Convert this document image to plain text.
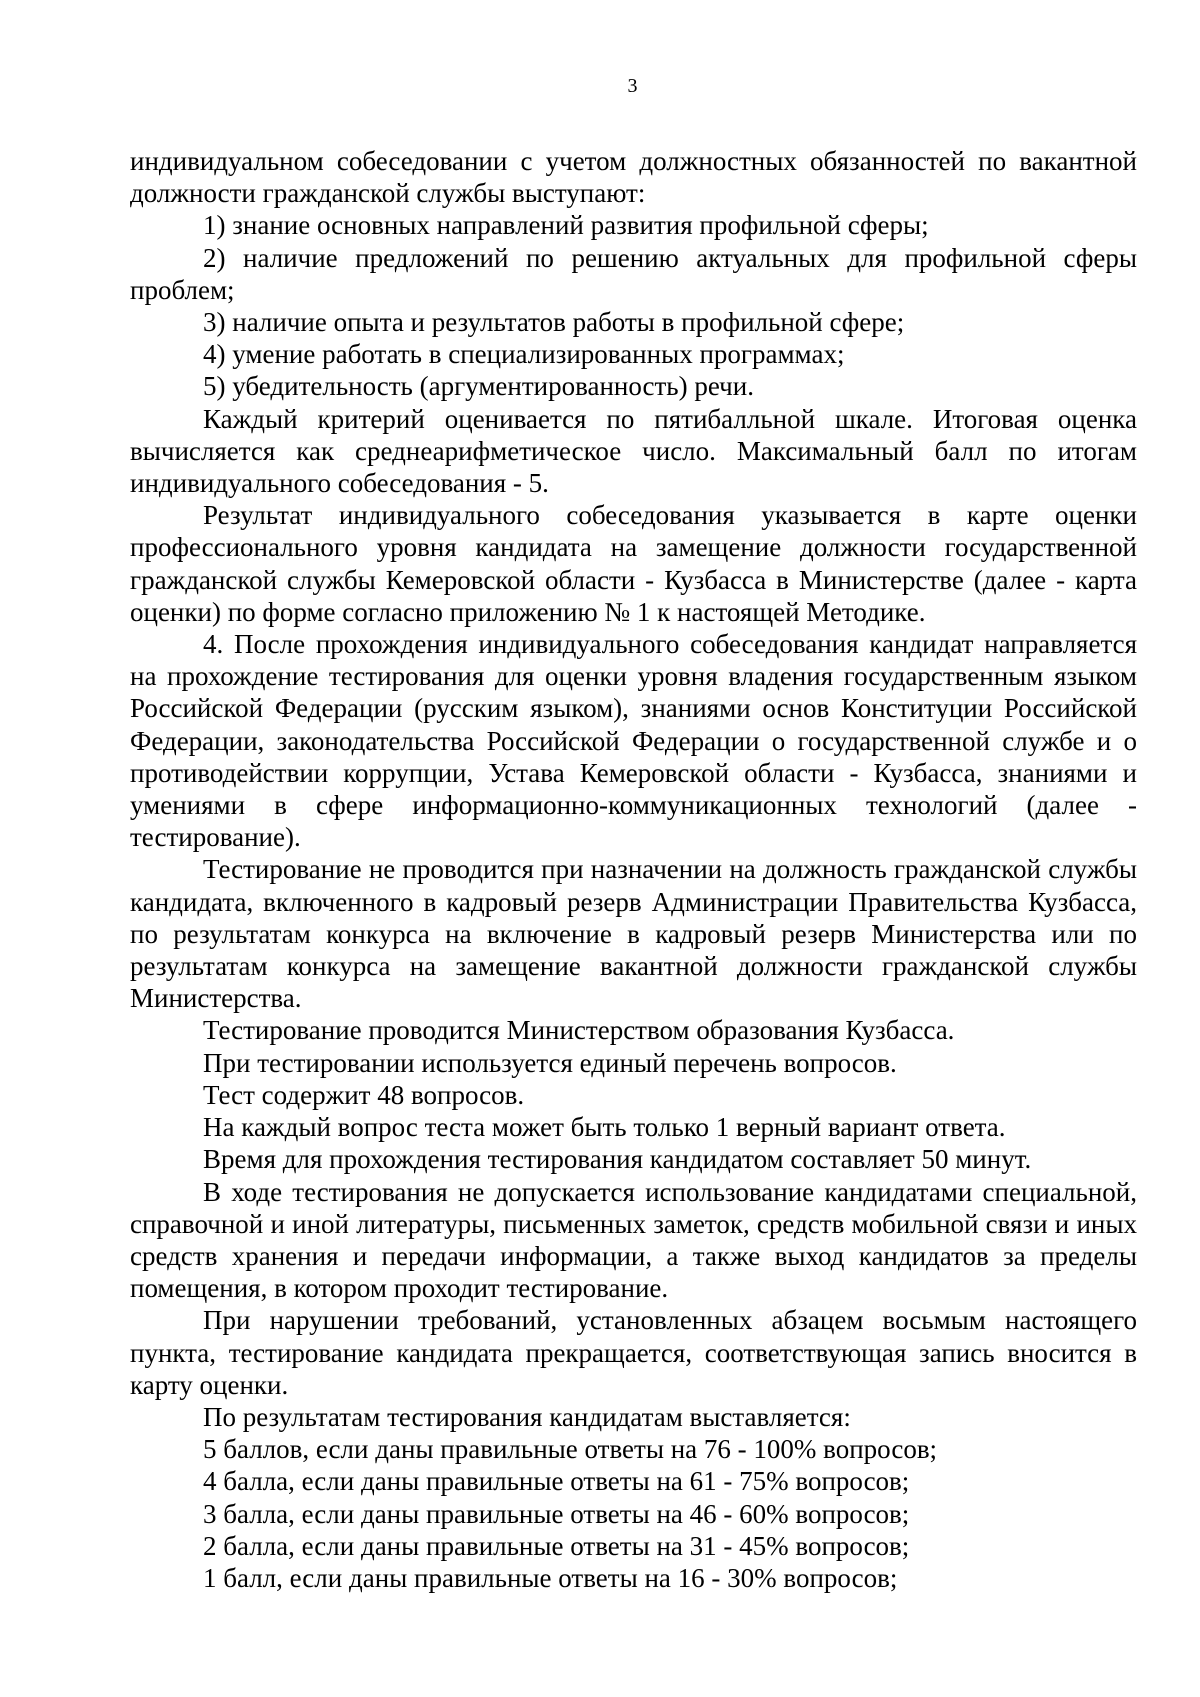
3

индивидуальном собеседовании с учетом должностных обязанностей по вакантной должности гражданской службы выступают:

1) знание основных направлений развития профильной сферы;

2) наличие предложений по решению актуальных для профильной сферы проблем;

3) наличие опыта и результатов работы в профильной сфере;

4) умение работать в специализированных программах;

5) убедительность (аргументированность) речи.

Каждый критерий оценивается по пятибалльной шкале. Итоговая оценка вычисляется как среднеарифметическое число. Максимальный балл по итогам индивидуального собеседования - 5.

Результат индивидуального собеседования указывается в карте оценки профессионального уровня кандидата на замещение должности государственной гражданской службы Кемеровской области - Кузбасса в Министерстве (далее - карта оценки) по форме согласно приложению № 1 к настоящей Методике.

4. После прохождения индивидуального собеседования кандидат направляется на прохождение тестирования для оценки уровня владения государственным языком Российской Федерации (русским языком), знаниями основ Конституции Российской Федерации, законодательства Российской Федерации о государственной службе и о противодействии коррупции, Устава Кемеровской области - Кузбасса, знаниями и умениями в сфере информационно-коммуникационных технологий (далее - тестирование).

Тестирование не проводится при назначении на должность гражданской службы кандидата, включенного в кадровый резерв Администрации Правительства Кузбасса, по результатам конкурса на включение в кадровый резерв Министерства или по результатам конкурса на замещение вакантной должности гражданской службы Министерства.

Тестирование проводится Министерством образования Кузбасса.

При тестировании используется единый перечень вопросов.

Тест содержит 48 вопросов.

На каждый вопрос теста может быть только 1 верный вариант ответа.

Время для прохождения тестирования кандидатом составляет 50 минут.

В ходе тестирования не допускается использование кандидатами специальной, справочной и иной литературы, письменных заметок, средств мобильной связи и иных средств хранения и передачи информации, а также выход кандидатов за пределы помещения, в котором проходит тестирование.

При нарушении требований, установленных абзацем восьмым настоящего пункта, тестирование кандидата прекращается, соответствующая запись вносится в карту оценки.

По результатам тестирования кандидатам выставляется:

5 баллов, если даны правильные ответы на 76 - 100% вопросов;

4 балла, если даны правильные ответы на 61 - 75% вопросов;

3 балла, если даны правильные ответы на 46 - 60% вопросов;

2 балла, если даны правильные ответы на 31 - 45% вопросов;

1 балл, если даны правильные ответы на 16 - 30% вопросов;
